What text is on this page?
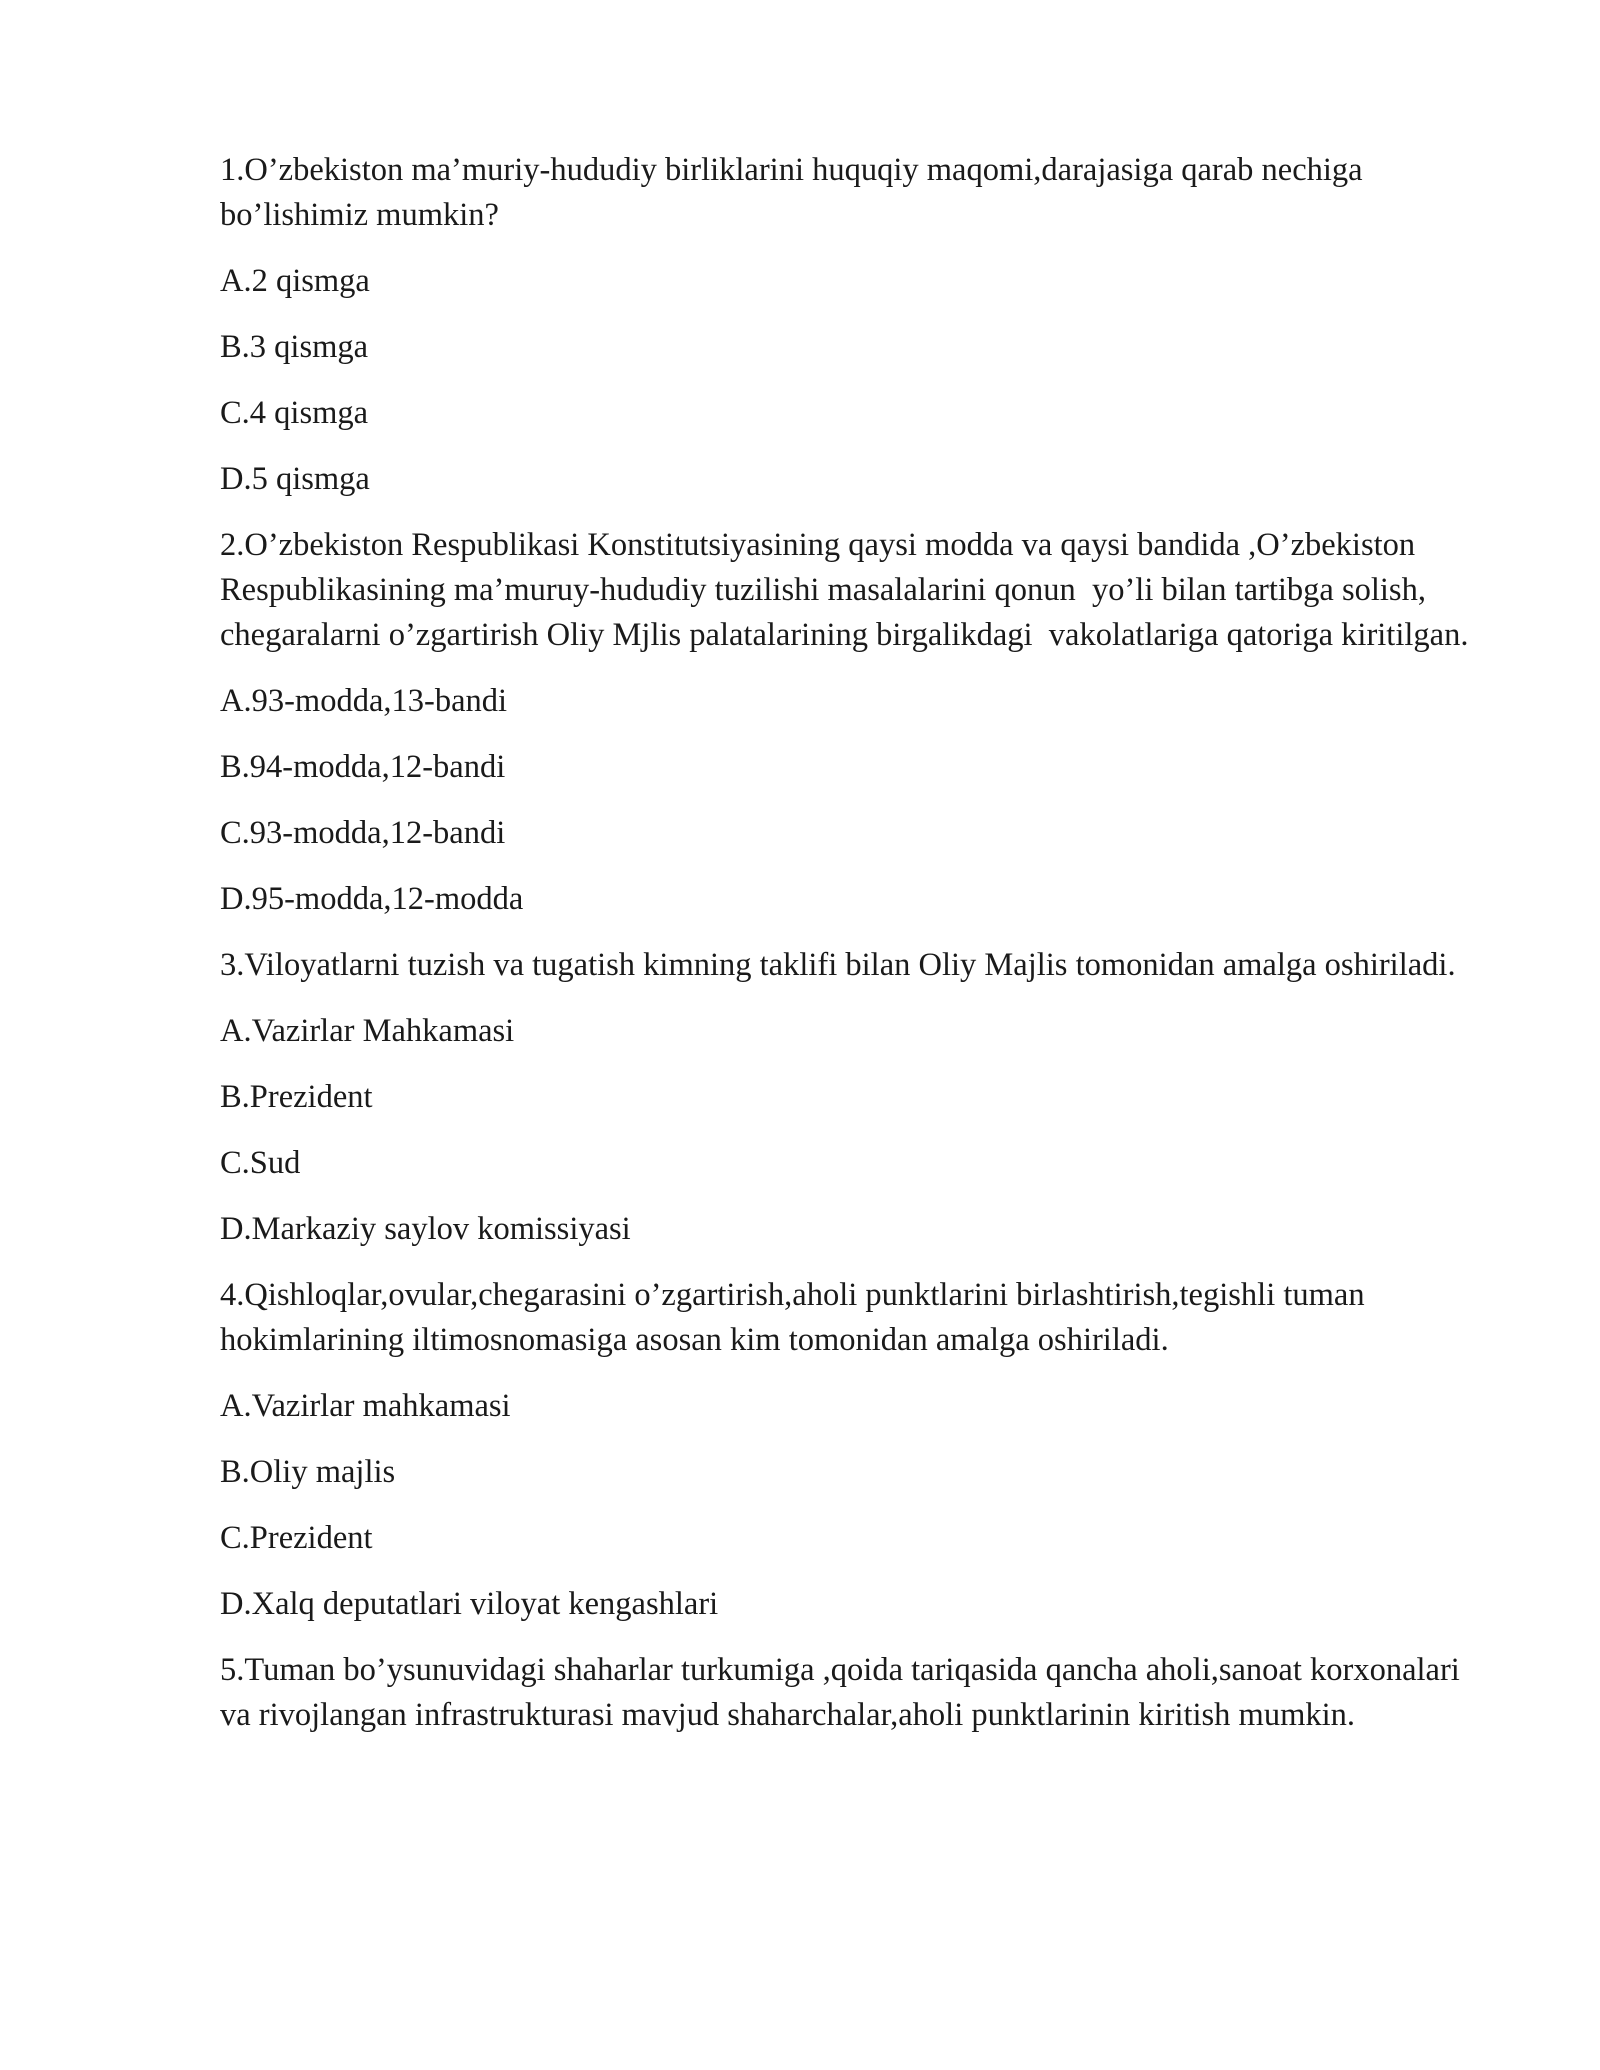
1.O’zbekiston ma’muriy-hududiy birliklarini huquqiy maqomi,darajasiga qarab nechiga bo’lishimiz mumkin?
A.2 qismga
B.3 qismga
C.4 qismga
D.5 qismga
2.O’zbekiston Respublikasi Konstitutsiyasining qaysi modda va qaysi bandida ,O’zbekiston Respublikasining ma’muruy-hududiy tuzilishi masalalarini qonun  yo’li bilan tartibga solish, chegaralarni o’zgartirish Oliy Mjlis palatalarining birgalikdagi  vakolatlariga qatoriga kiritilgan.
A.93-modda,13-bandi
B.94-modda,12-bandi
C.93-modda,12-bandi
D.95-modda,12-modda
3.Viloyatlarni tuzish va tugatish kimning taklifi bilan Oliy Majlis tomonidan amalga oshiriladi.
A.Vazirlar Mahkamasi
B.Prezident
C.Sud
D.Markaziy saylov komissiyasi
4.Qishloqlar,ovular,chegarasini o’zgartirish,aholi punktlarini birlashtirish,tegishli tuman hokimlarining iltimosnomasiga asosan kim tomonidan amalga oshiriladi.
A.Vazirlar mahkamasi
B.Oliy majlis
C.Prezident
D.Xalq deputatlari viloyat kengashlari
5.Tuman bo’ysunuvidagi shaharlar turkumiga ,qoida tariqasida qancha aholi,sanoat korxonalari va rivojlangan infrastrukturasi mavjud shaharchalar,aholi punktlarinin kiritish mumkin.
